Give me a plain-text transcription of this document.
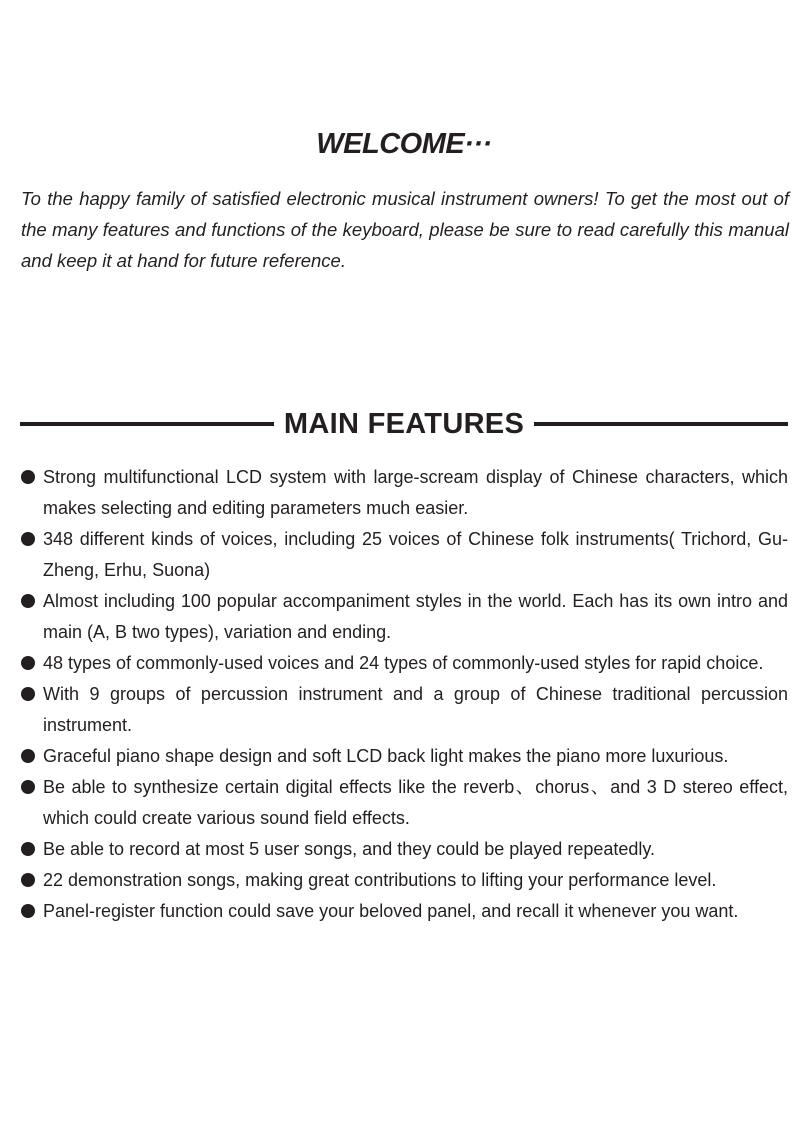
WELCOME···

To the happy family of satisfied electronic musical instrument owners! To get the most out of the many features and functions of the keyboard, please be sure to read carefully this manual and keep it at hand for future reference.

MAIN FEATURES
Strong multifunctional LCD system with large-scream display of Chinese characters, which makes selecting and editing parameters much easier.
348 different kinds of voices, including 25 voices of Chinese folk instruments( Trichord, Gu-Zheng, Erhu, Suona)
Almost including 100 popular accompaniment styles in the world. Each has its own intro and main (A, B two types), variation and ending.
48 types of commonly-used voices and 24 types of commonly-used styles for rapid choice.
With 9 groups of percussion instrument and a group of Chinese traditional percussion instrument.
Graceful piano shape design and soft LCD back light makes the piano more luxurious.
Be able to synthesize certain digital effects like the reverb、chorus、and 3 D stereo effect, which could create various sound field effects.
Be able to record at most 5 user songs, and they could be played repeatedly.
22 demonstration songs, making great contributions to lifting your performance level.
Panel-register function could save your beloved panel, and recall it whenever you want.
